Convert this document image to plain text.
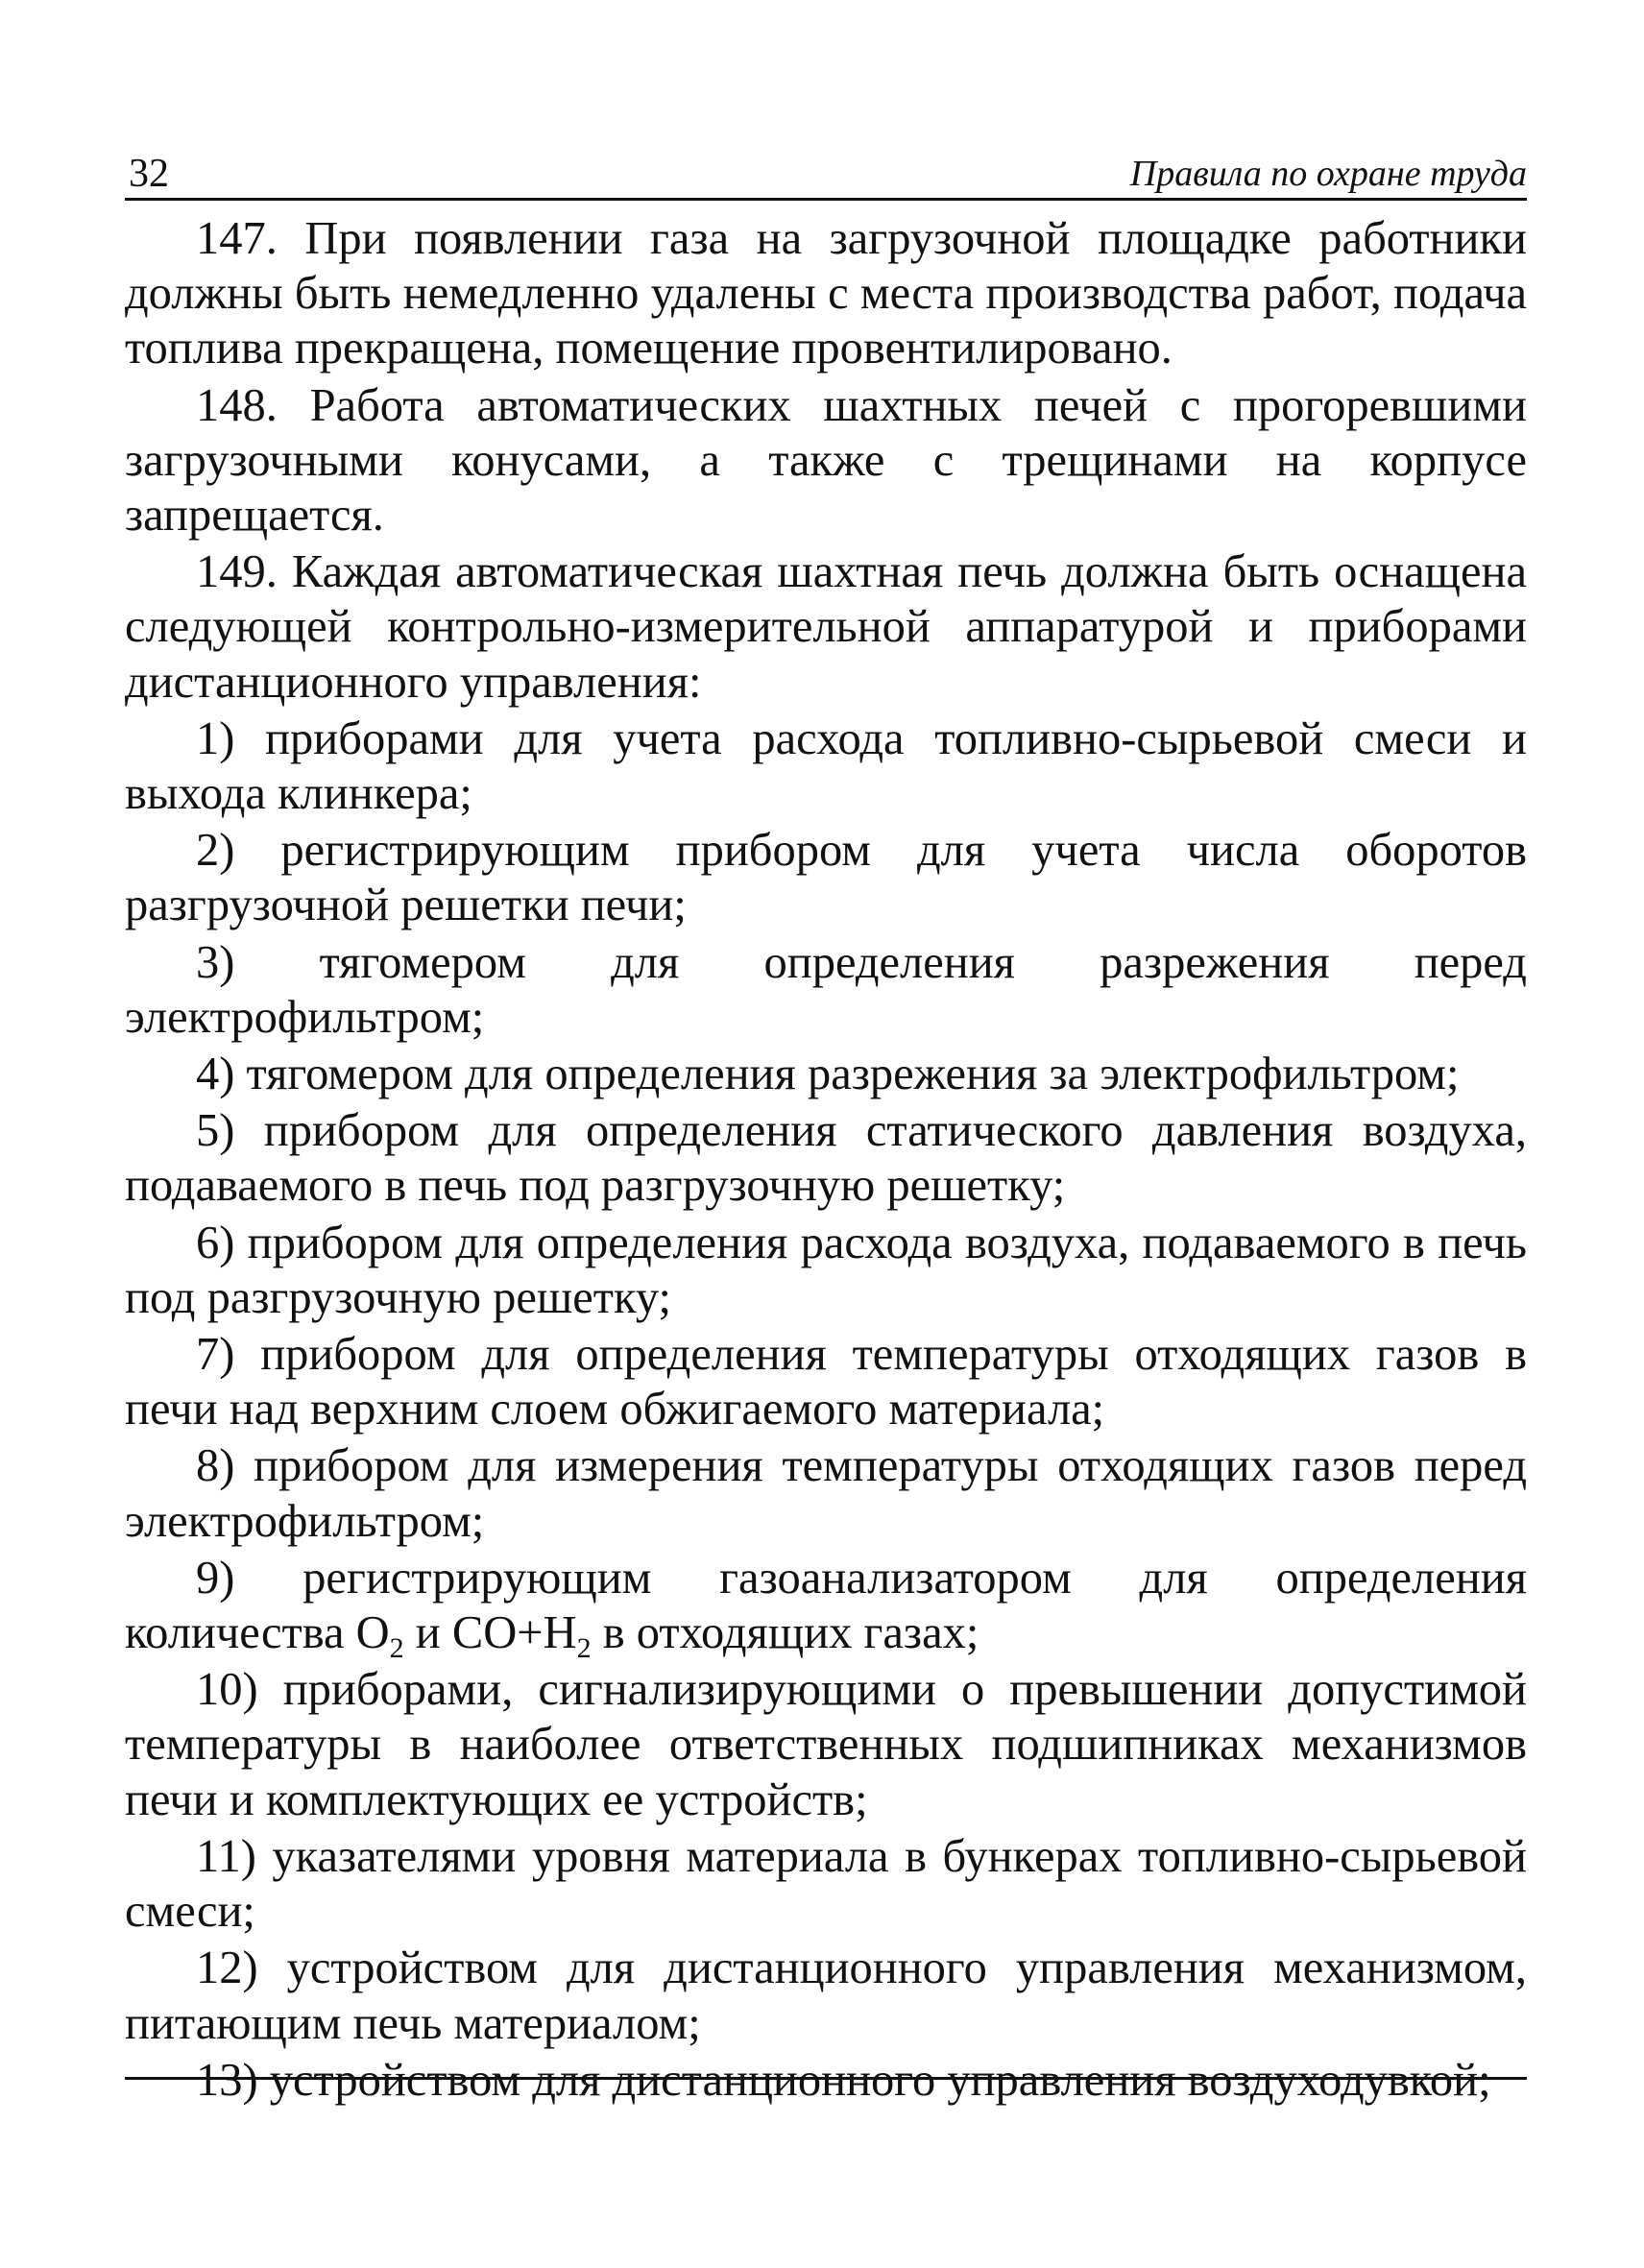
32	Правила по охране труда

147. При появлении газа на загрузочной площадке работники должны быть немедленно удалены с места производства работ, подача топлива прекращена, помещение провентилировано.

148. Работа автоматических шахтных печей с прогоревшими загрузочными конусами, а также с трещинами на корпусе запрещается.

149. Каждая автоматическая шахтная печь должна быть оснащена следующей контрольно-измерительной аппаратурой и приборами дистанционного управления:

1) приборами для учета расхода топливно-сырьевой смеси и выхода клинкера;

2) регистрирующим прибором для учета числа оборотов разгрузочной решетки печи;

3) тягомером для определения разрежения перед электрофильтром;

4) тягомером для определения разрежения за электрофильтром;

5) прибором для определения статического давления воздуха, подаваемого в печь под разгрузочную решетку;

6) прибором для определения расхода воздуха, подаваемого в печь под разгрузочную решетку;

7) прибором для определения температуры отходящих газов в печи над верхним слоем обжигаемого материала;

8) прибором для измерения температуры отходящих газов перед электрофильтром;

9) регистрирующим газоанализатором для определения количества $O_2$ и $CO+H_2$ в отходящих газах;

10) приборами, сигнализирующими о превышении допустимой температуры в наиболее ответственных подшипниках механизмов печи и комплектующих ее устройств;

11) указателями уровня материала в бункерах топливно-сырьевой смеси;

12) устройством для дистанционного управления механизмом, питающим печь материалом;

13) устройством для дистанционного управления воздуходувкой;
